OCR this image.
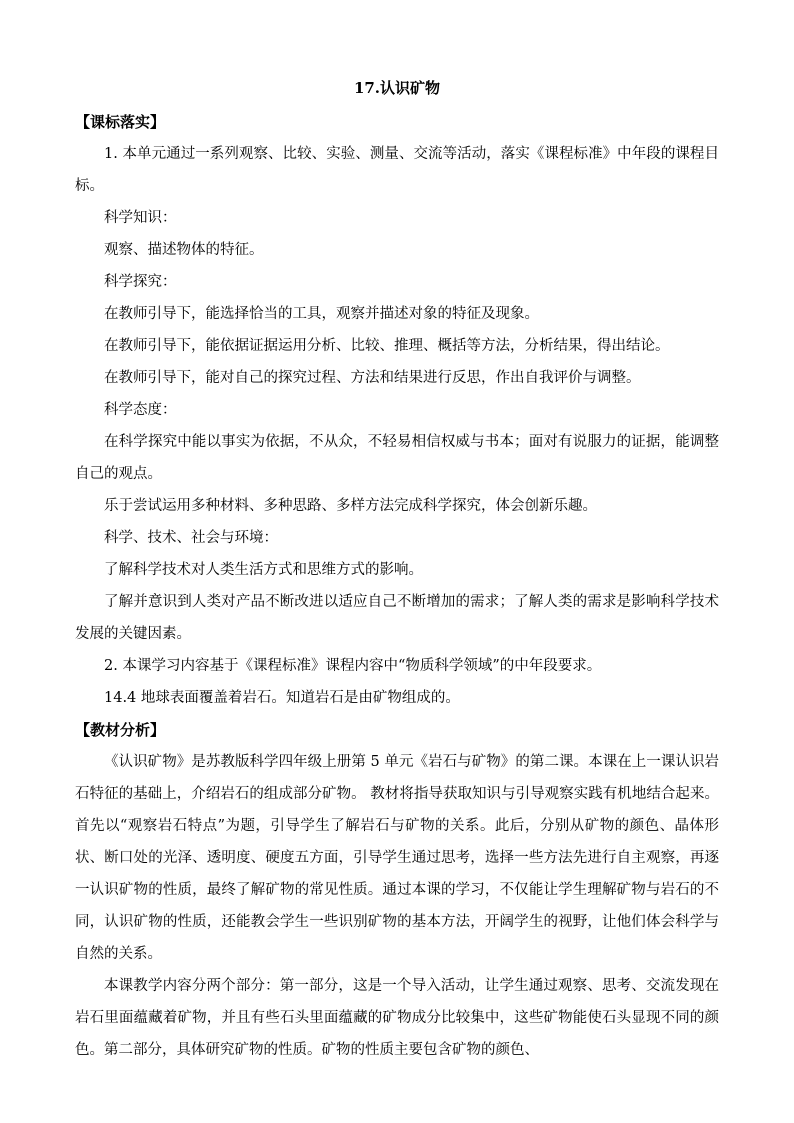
17.认识矿物
【课标落实】
1. 本单元通过一系列观察、比较、实验、测量、交流等活动，落实《课程标准》中年段的课程目标。
科学知识：
观察、描述物体的特征。
科学探究：
在教师引导下，能选择恰当的工具，观察并描述对象的特征及现象。
在教师引导下，能依据证据运用分析、比较、推理、概括等方法，分析结果，得出结论。
在教师引导下，能对自己的探究过程、方法和结果进行反思，作出自我评价与调整。
科学态度：
在科学探究中能以事实为依据，不从众，不轻易相信权威与书本；面对有说服力的证据，能调整自己的观点。
乐于尝试运用多种材料、多种思路、多样方法完成科学探究，体会创新乐趣。
科学、技术、社会与环境：
了解科学技术对人类生活方式和思维方式的影响。
了解并意识到人类对产品不断改进以适应自己不断增加的需求；了解人类的需求是影响科学技术发展的关键因素。
2. 本课学习内容基于《课程标准》课程内容中“物质科学领域”的中年段要求。
14.4 地球表面覆盖着岩石。知道岩石是由矿物组成的。
【教材分析】
《认识矿物》是苏教版科学四年级上册第 5 单元《岩石与矿物》的第二课。本课在上一课认识岩石特征的基础上，介绍岩石的组成部分矿物。 教材将指导获取知识与引导观察实践有机地结合起来。首先以“观察岩石特点”为题，引导学生了解岩石与矿物的关系。此后，分别从矿物的颜色、晶体形状、断口处的光泽、透明度、硬度五方面，引导学生通过思考，选择一些方法先进行自主观察，再逐一认识矿物的性质，最终了解矿物的常见性质。通过本课的学习，不仅能让学生理解矿物与岩石的不同，认识矿物的性质，还能教会学生一些识别矿物的基本方法，开阔学生的视野，让他们体会科学与自然的关系。
本课教学内容分两个部分：第一部分，这是一个导入活动，让学生通过观察、思考、交流发现在岩石里面蕴藏着矿物，并且有些石头里面蕴藏的矿物成分比较集中，这些矿物能使石头显现不同的颜色。第二部分，具体研究矿物的性质。矿物的性质主要包含矿物的颜色、
